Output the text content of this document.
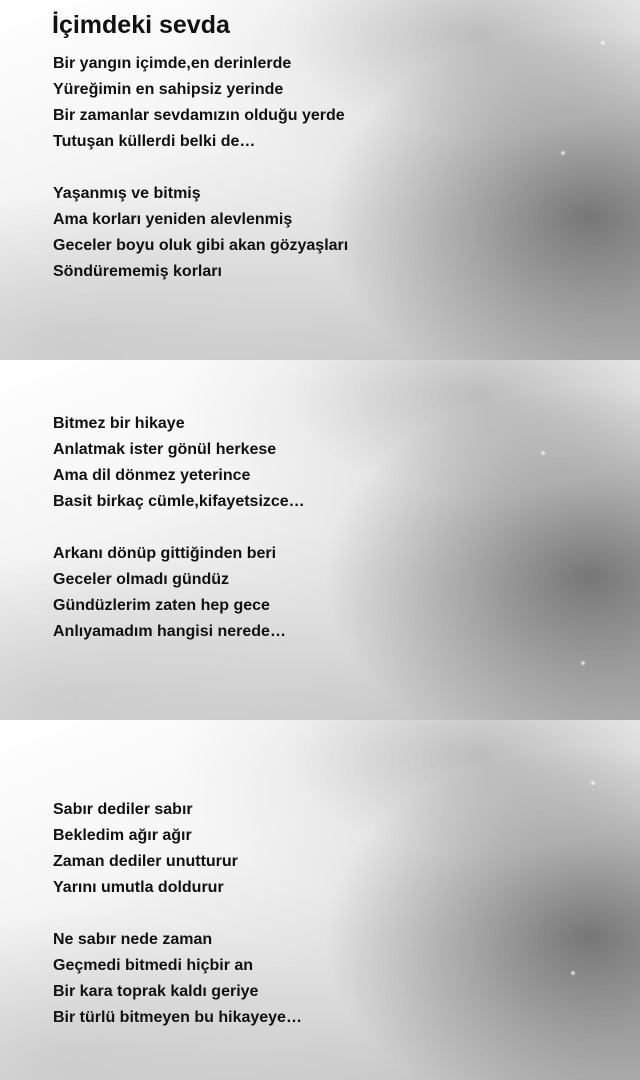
İçimdeki sevda
Bir yangın içimde,en derinlerde
Yüreğimin en sahipsiz yerinde
Bir zamanlar sevdamızın olduğu yerde
Tutuşan küllerdi belki de…
Yaşanmış ve bitmiş
Ama korları yeniden alevlenmiş
Geceler boyu oluk gibi akan gözyaşları
Söndürememiş korları
Bitmez bir hikaye
Anlatmak ister gönül herkese
Ama dil dönmez yeterince
Basit birkaç cümle,kifayetsizce…
Arkanı dönüp gittiğinden beri
Geceler olmadı gündüz
Gündüzlerim zaten hep gece
Anlıyamadım hangisi nerede…
Sabır dediler sabır
Bekledim ağır ağır
Zaman dediler unutturur
Yarını umutla doldurur
Ne sabır nede zaman
Geçmedi bitmedi hiçbir an
Bir kara toprak kaldı geriye
Bir türlü bitmeyen bu hikayeye…
